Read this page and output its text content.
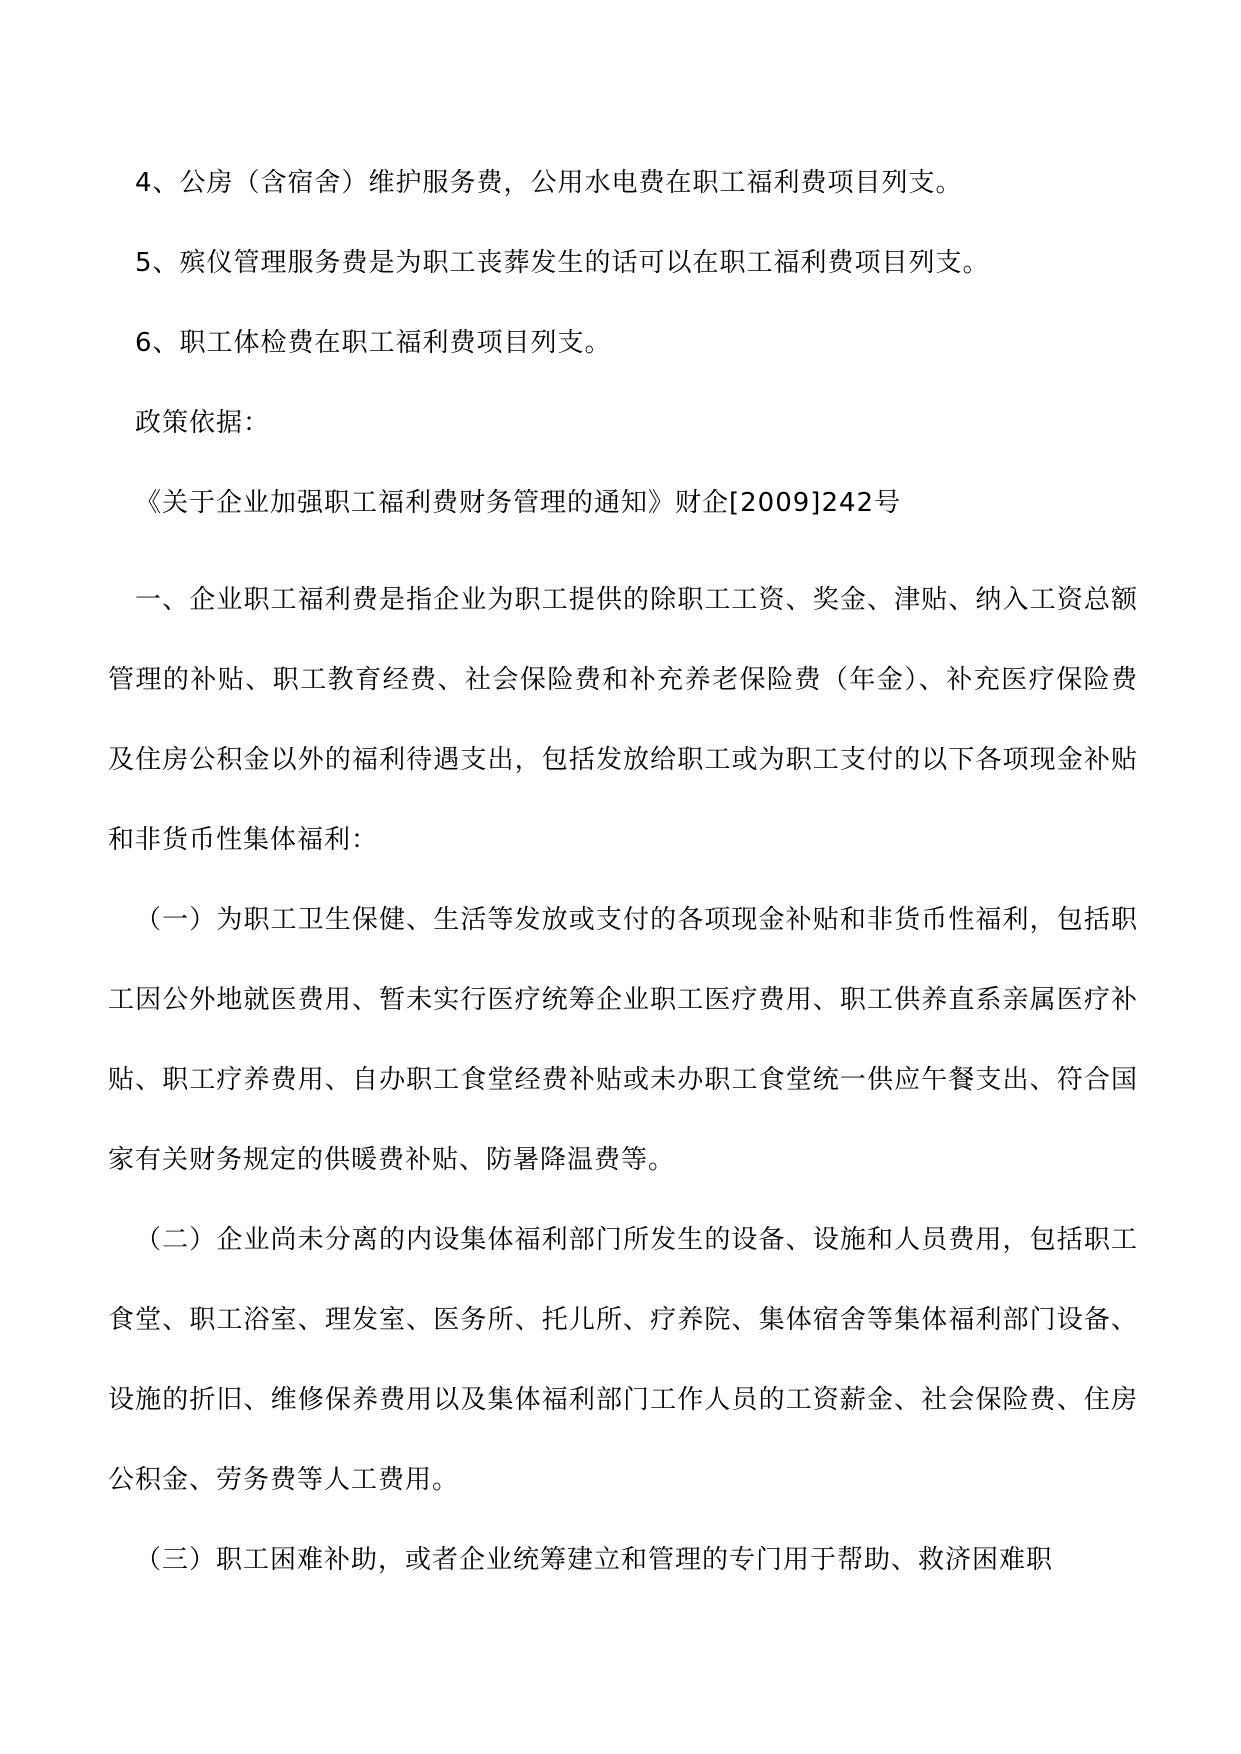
4、公房（含宿舍）维护服务费，公用水电费在职工福利费项目列支。

5、殡仪管理服务费是为职工丧葬发生的话可以在职工福利费项目列支。

6、职工体检费在职工福利费项目列支。

政策依据：

《关于企业加强职工福利费财务管理的通知》财企[2009]242号

一、企业职工福利费是指企业为职工提供的除职工工资、奖金、津贴、纳入工资总额管理的补贴、职工教育经费、社会保险费和补充养老保险费（年金）、补充医疗保险费及住房公积金以外的福利待遇支出，包括发放给职工或为职工支付的以下各项现金补贴和非货币性集体福利：

（一）为职工卫生保健、生活等发放或支付的各项现金补贴和非货币性福利，包括职工因公外地就医费用、暂未实行医疗统筹企业职工医疗费用、职工供养直系亲属医疗补贴、职工疗养费用、自办职工食堂经费补贴或未办职工食堂统一供应午餐支出、符合国家有关财务规定的供暖费补贴、防暑降温费等。

（二）企业尚未分离的内设集体福利部门所发生的设备、设施和人员费用，包括职工食堂、职工浴室、理发室、医务所、托儿所、疗养院、集体宿舍等集体福利部门设备、设施的折旧、维修保养费用以及集体福利部门工作人员的工资薪金、社会保险费、住房公积金、劳务费等人工费用。

（三）职工困难补助，或者企业统筹建立和管理的专门用于帮助、救济困难职
